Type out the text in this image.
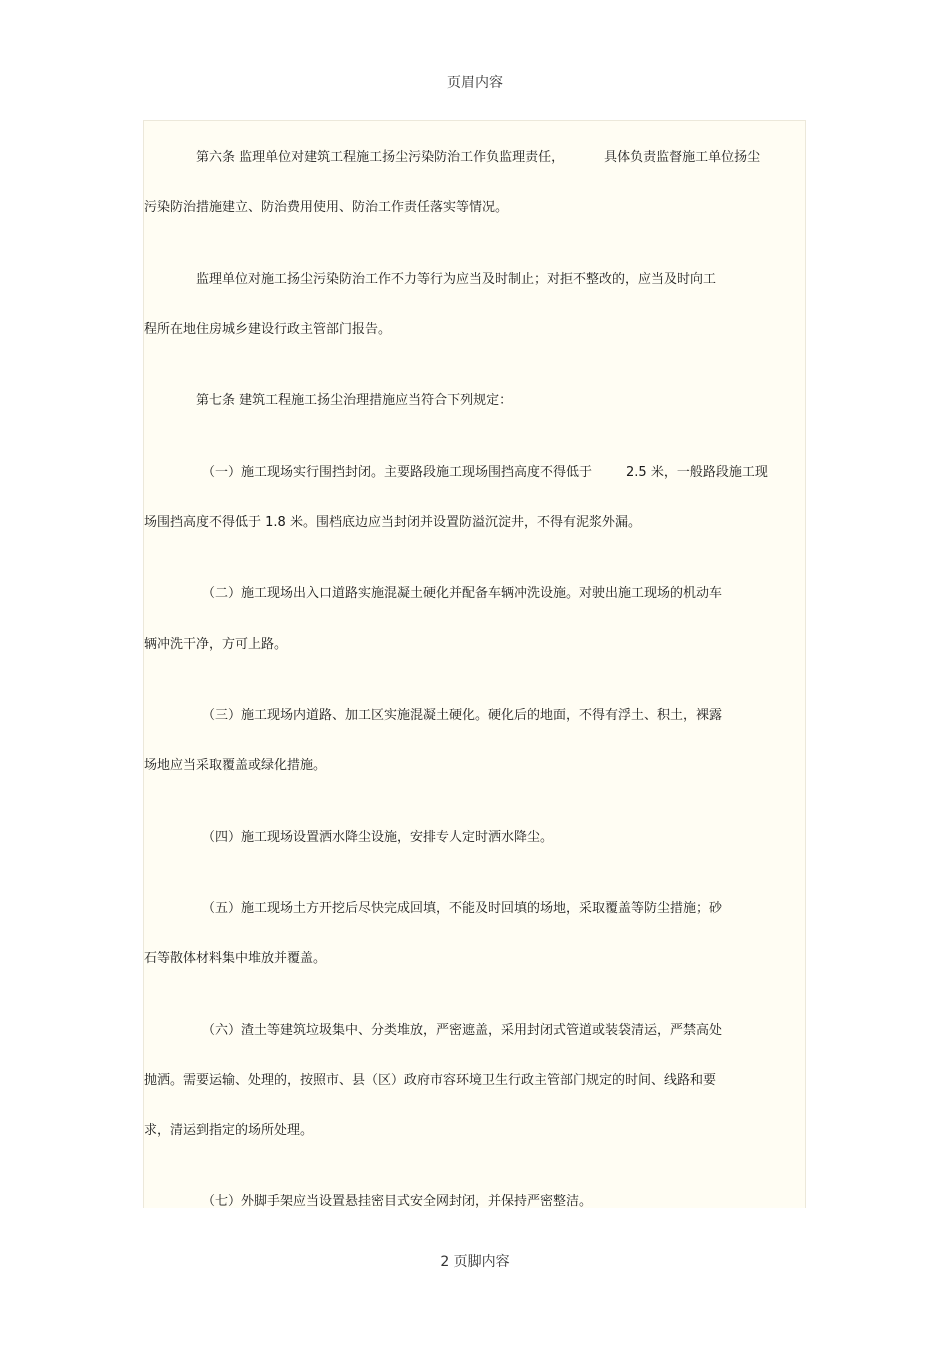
页眉内容
第六条 监理单位对建筑工程施工扬尘污染防治工作负监理责任，	具体负责监督施工单位扬尘
污染防治措施建立、防治费用使用、防治工作责任落实等情况。
监理单位对施工扬尘污染防治工作不力等行为应当及时制止；对拒不整改的，应当及时向工
程所在地住房城乡建设行政主管部门报告。
第七条 建筑工程施工扬尘治理措施应当符合下列规定：
（一）施工现场实行围挡封闭。主要路段施工现场围挡高度不得低于	2.5 米，一般路段施工现
场围挡高度不得低于 1.8 米。围档底边应当封闭并设置防溢沉淀井，不得有泥浆外漏。
（二）施工现场出入口道路实施混凝土硬化并配备车辆冲洗设施。对驶出施工现场的机动车
辆冲洗干净，方可上路。
（三）施工现场内道路、加工区实施混凝土硬化。硬化后的地面，不得有浮土、积土，裸露
场地应当采取覆盖或绿化措施。
（四）施工现场设置洒水降尘设施，安排专人定时洒水降尘。
（五）施工现场土方开挖后尽快完成回填，不能及时回填的场地，采取覆盖等防尘措施；砂
石等散体材料集中堆放并覆盖。
（六）渣土等建筑垃圾集中、分类堆放，严密遮盖，采用封闭式管道或装袋清运，严禁高处
抛洒。需要运输、处理的，按照市、县（区）政府市容环境卫生行政主管部门规定的时间、线路和要
求，清运到指定的场所处理。
（七）外脚手架应当设置悬挂密目式安全网封闭，并保持严密整洁。
2 页脚内容
